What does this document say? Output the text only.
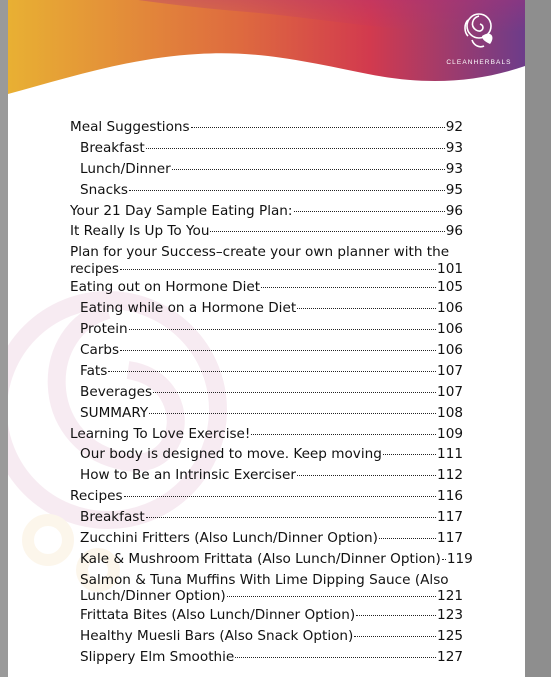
CLEANHERBALS
Meal Suggestions	92
Breakfast	93
Lunch/Dinner	93
Snacks	95
Your 21 Day Sample Eating Plan:	96
It Really Is Up To You	96
Plan for your Success–create your own planner with the
recipes	101
Eating out on Hormone Diet	105
Eating while on a Hormone Diet	106
Protein	106
Carbs	106
Fats	107
Beverages	107
SUMMARY	108
Learning To Love Exercise!	109
Our body is designed to move. Keep moving	111
How to Be an Intrinsic Exerciser	112
Recipes	116
Breakfast	117
Zucchini Fritters (Also Lunch/Dinner Option)	117
Kale & Mushroom Frittata (Also Lunch/Dinner Option) 119
Salmon & Tuna Muffins With Lime Dipping Sauce (Also
Lunch/Dinner Option)	121
Frittata Bites (Also Lunch/Dinner Option)	123
Healthy Muesli Bars (Also Snack Option)	125
Slippery Elm Smoothie	127
